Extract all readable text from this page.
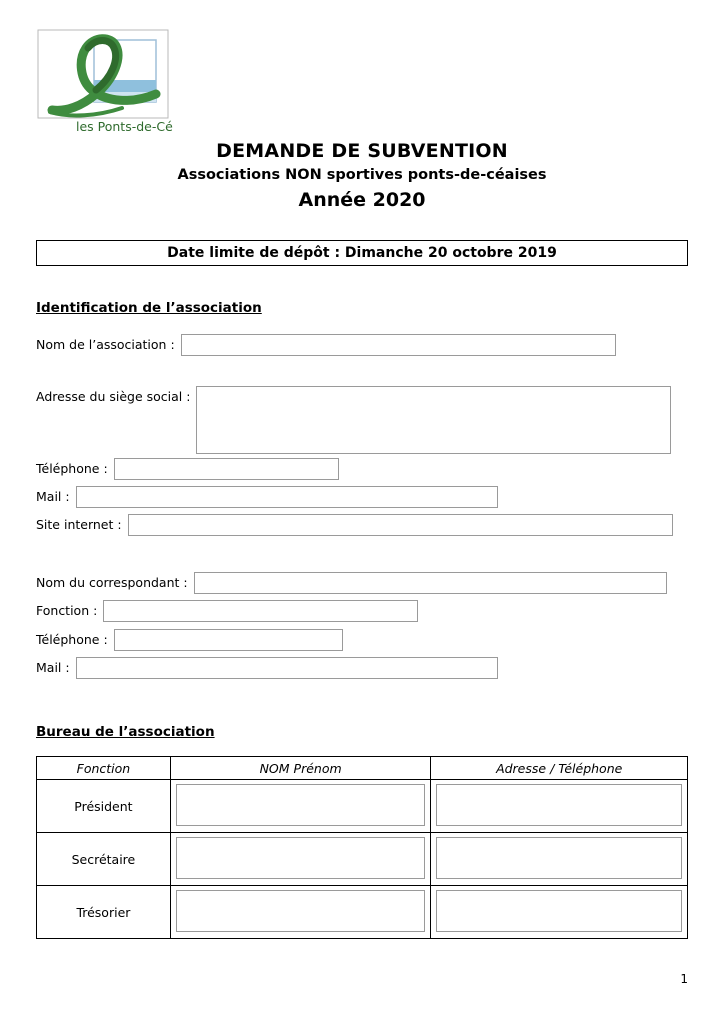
les Ponts-de-Cé
DEMANDE DE SUBVENTION
Associations NON sportives ponts-de-céaises
Année 2020
Date limite de dépôt : Dimanche 20 octobre 2019
Identification de l’association
Nom de l’association :
Adresse du siège social :
Téléphone :
Mail :
Site internet :
Nom du correspondant :
Fonction :
Téléphone :
Mail :
Bureau de l’association
Fonction	NOM Prénom	Adresse / Téléphone
Président		
Secrétaire		
Trésorier		
1
